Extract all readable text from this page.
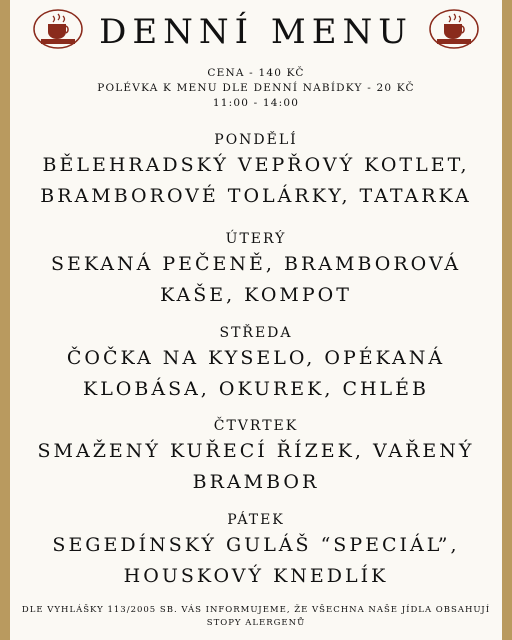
DENNÍ MENU
CENA - 140 KČ
POLÉVKA K MENU DLE DENNÍ NABÍDKY - 20 KČ
11:00 - 14:00
PONDĚLÍ
BĚLEHRADSKÝ VEPŘOVÝ KOTLET,
BRAMBOROVÉ TOLÁRKY, TATARKA
ÚTERÝ
SEKANÁ PEČENĚ, BRAMBOROVÁ
KAŠE, KOMPOT
STŘEDA
ČOČKA NA KYSELO, OPÉKANÁ
KLOBÁSA, OKUREK, CHLÉB
ČTVRTEK
SMAŽENÝ KUŘECÍ ŘÍZEK, VAŘENÝ
BRAMBOR
PÁTEK
SEGEDÍNSKÝ GULÁŠ “SPECIÁL”,
HOUSKOVÝ KNEDLÍK
DLE VYHLÁŠKY 113/2005 SB. VÁS INFORMUJEME, ŽE VŠECHNA NAŠE JÍDLA OBSAHUJÍ
STOPY ALERGENŮ
